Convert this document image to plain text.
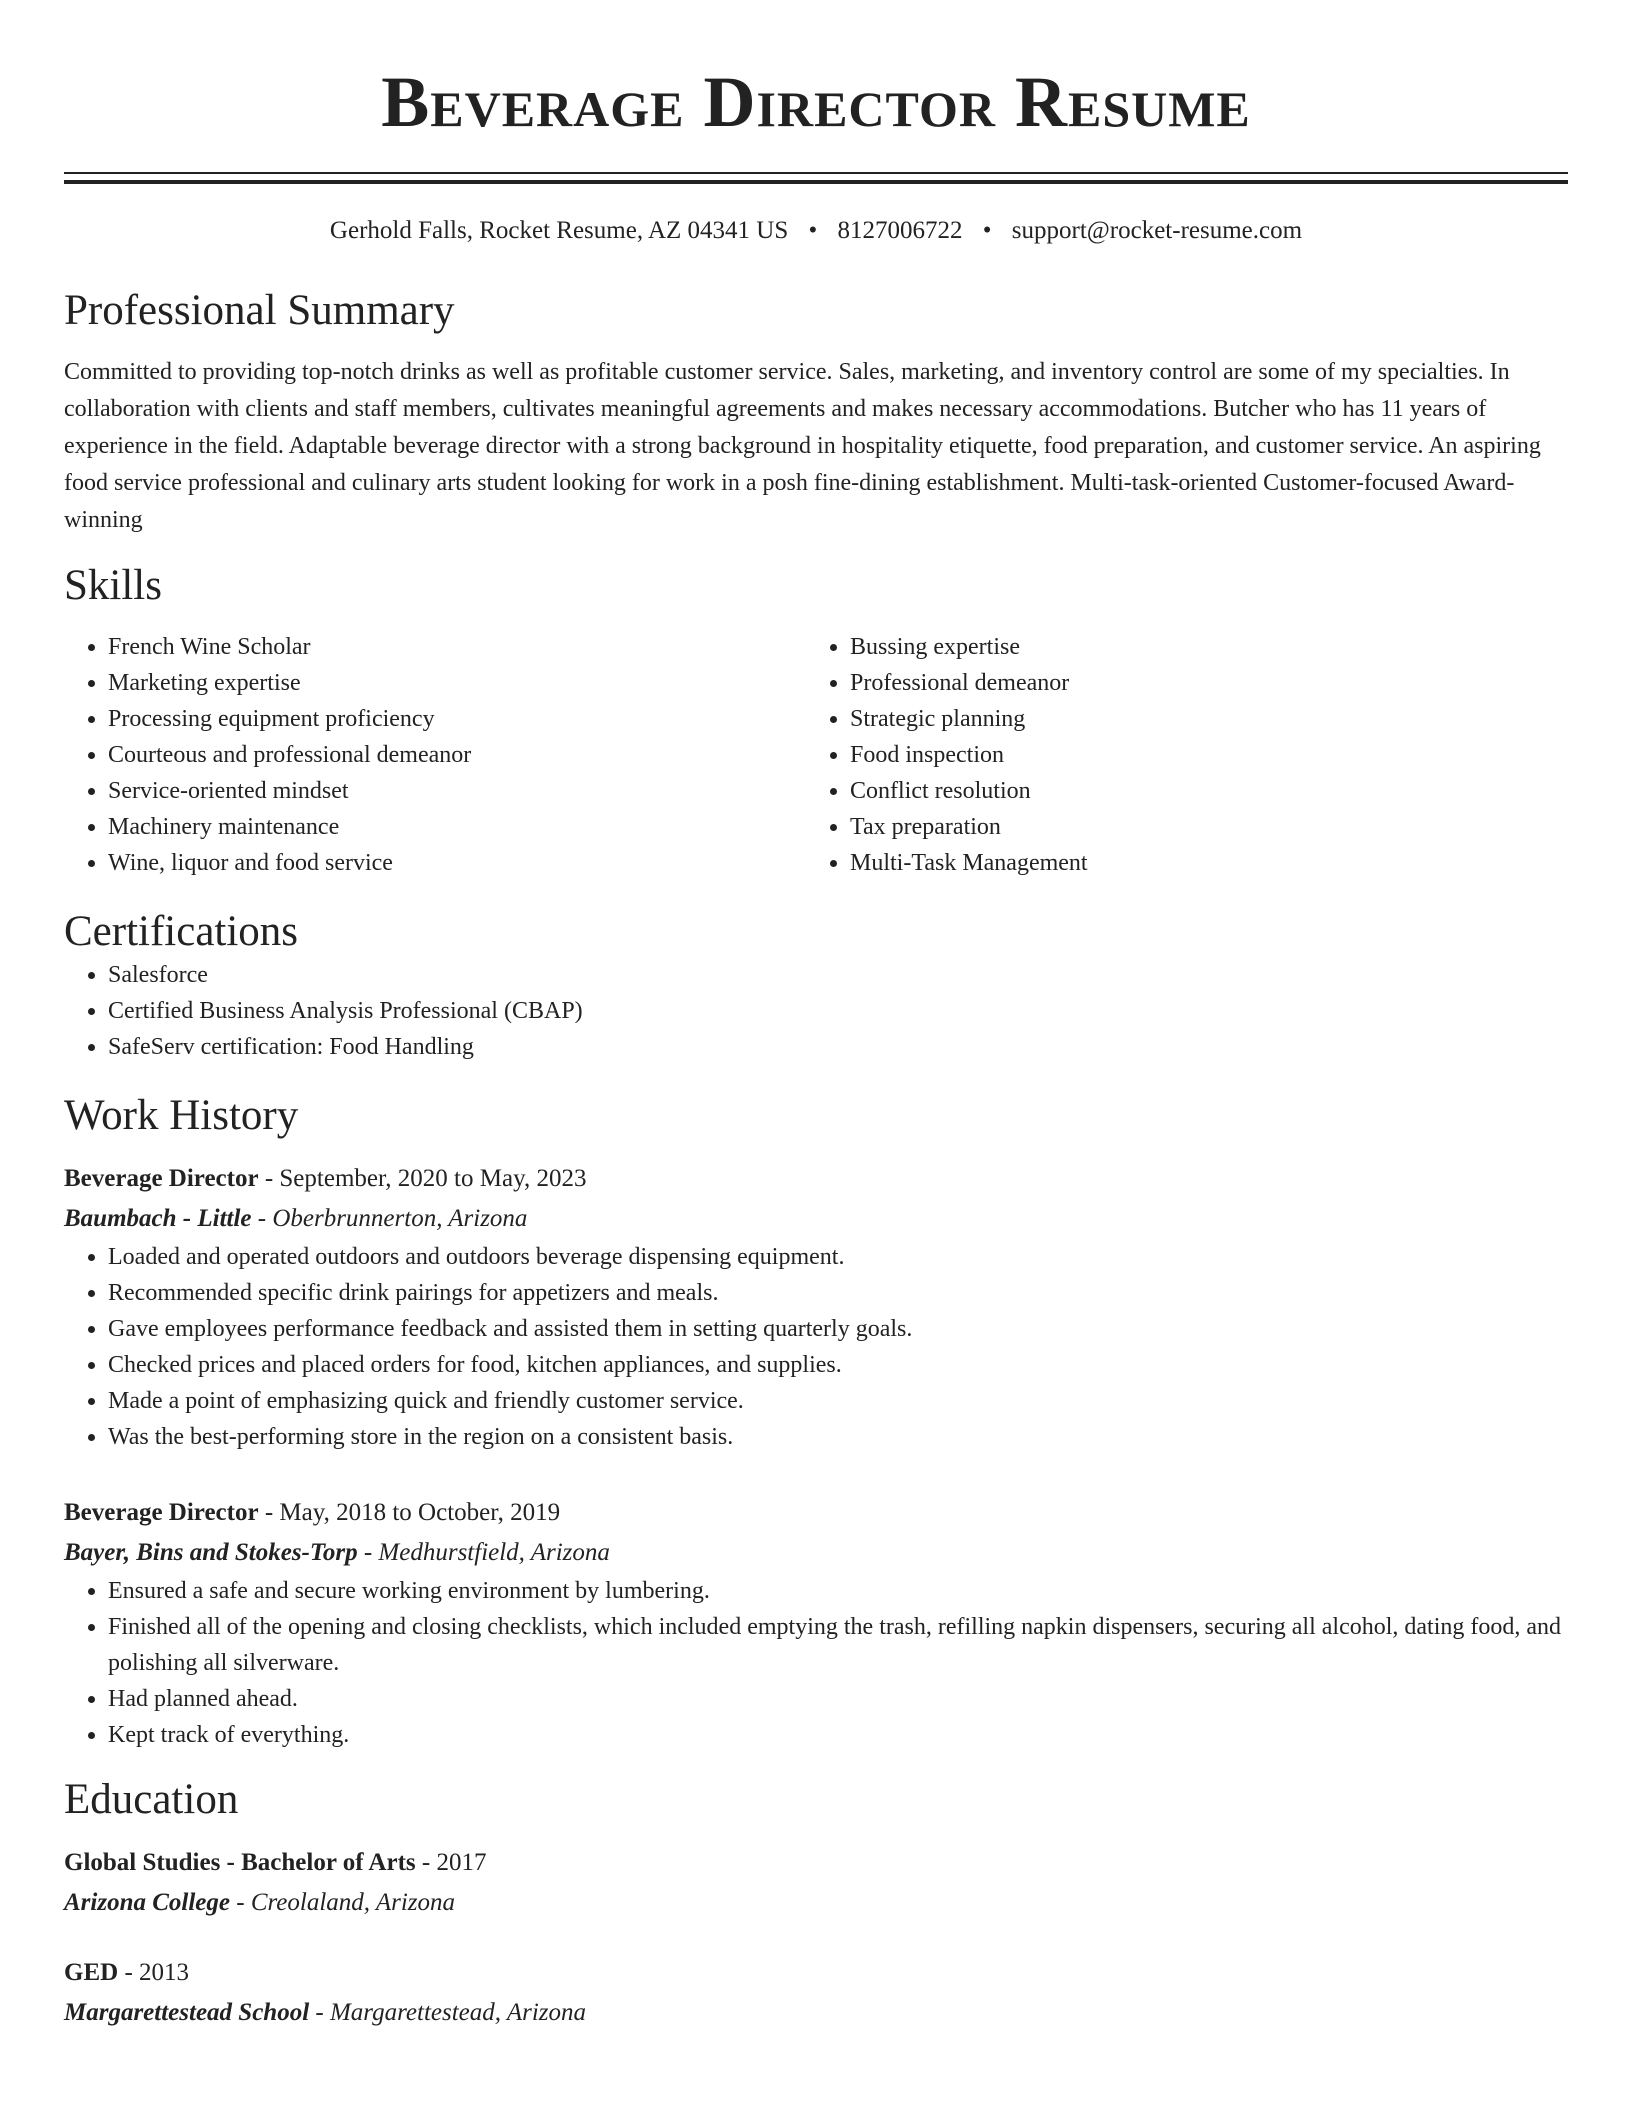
Beverage Director Resume
Gerhold Falls, Rocket Resume, AZ 04341 US • 8127006722 • support@rocket-resume.com
Professional Summary

Committed to providing top-notch drinks as well as profitable customer service. Sales, marketing, and inventory control are some of my specialties. In collaboration with clients and staff members, cultivates meaningful agreements and makes necessary accommodations. Butcher who has 11 years of experience in the field. Adaptable beverage director with a strong background in hospitality etiquette, food preparation, and customer service. An aspiring food service professional and culinary arts student looking for work in a posh fine-dining establishment. Multi-task-oriented Customer-focused Award-winning

Skills
• French Wine Scholar
• Marketing expertise
• Processing equipment proficiency
• Courteous and professional demeanor
• Service-oriented mindset
• Machinery maintenance
• Wine, liquor and food service
• Bussing expertise
• Professional demeanor
• Strategic planning
• Food inspection
• Conflict resolution
• Tax preparation
• Multi-Task Management
Certifications
• Salesforce
• Certified Business Analysis Professional (CBAP)
• SafeServ certification: Food Handling
Work History
Beverage Director - September, 2020 to May, 2023
Baumbach - Little - Oberbrunnerton, Arizona
• Loaded and operated outdoors and outdoors beverage dispensing equipment.
• Recommended specific drink pairings for appetizers and meals.
• Gave employees performance feedback and assisted them in setting quarterly goals.
• Checked prices and placed orders for food, kitchen appliances, and supplies.
• Made a point of emphasizing quick and friendly customer service.
• Was the best-performing store in the region on a consistent basis.
Beverage Director - May, 2018 to October, 2019
Bayer, Bins and Stokes-Torp - Medhurstfield, Arizona
• Ensured a safe and secure working environment by lumbering.
• Finished all of the opening and closing checklists, which included emptying the trash, refilling napkin dispensers, securing all alcohol, dating food, and polishing all silverware.
• Had planned ahead.
• Kept track of everything.
Education
Global Studies - Bachelor of Arts - 2017
Arizona College - Creolaland, Arizona
GED - 2013
Margarettestead School - Margarettestead, Arizona
